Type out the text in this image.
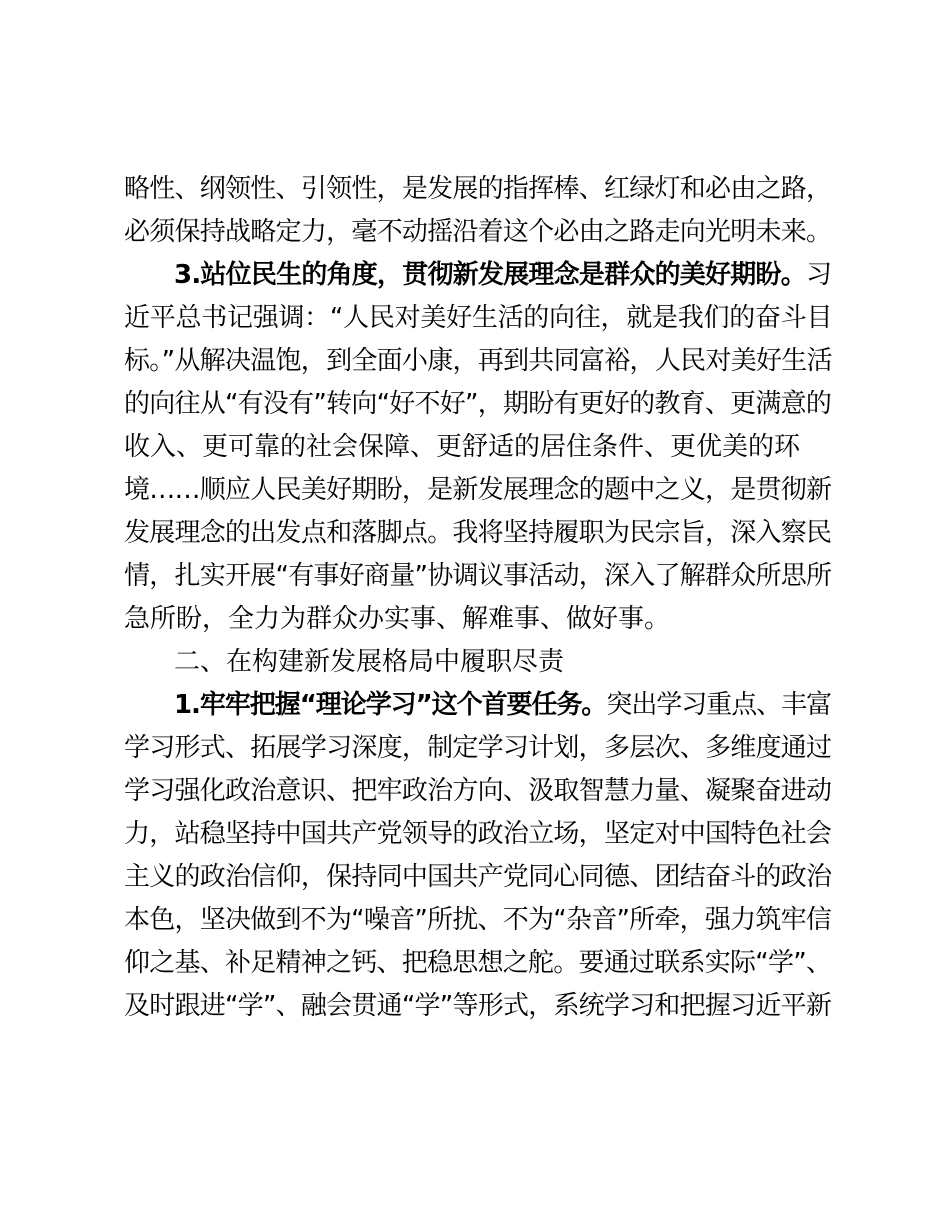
略性、纲领性、引领性，是发展的指挥棒、红绿灯和必由之路，
必须保持战略定力，毫不动摇沿着这个必由之路走向光明未来。
3.站位民生的角度，贯彻新发展理念是群众的美好期盼。习
近平总书记强调：“人民对美好生活的向往，就是我们的奋斗目
标。”从解决温饱，到全面小康，再到共同富裕，人民对美好生活
的向往从“有没有”转向“好不好”，期盼有更好的教育、更满意的
收入、更可靠的社会保障、更舒适的居住条件、更优美的环
境……顺应人民美好期盼，是新发展理念的题中之义，是贯彻新
发展理念的出发点和落脚点。我将坚持履职为民宗旨，深入察民
情，扎实开展“有事好商量”协调议事活动，深入了解群众所思所
急所盼，全力为群众办实事、解难事、做好事。
二、在构建新发展格局中履职尽责
1.牢牢把握“理论学习”这个首要任务。突出学习重点、丰富
学习形式、拓展学习深度，制定学习计划，多层次、多维度通过
学习强化政治意识、把牢政治方向、汲取智慧力量、凝聚奋进动
力，站稳坚持中国共产党领导的政治立场，坚定对中国特色社会
主义的政治信仰，保持同中国共产党同心同德、团结奋斗的政治
本色，坚决做到不为“噪音”所扰、不为“杂音”所牵，强力筑牢信
仰之基、补足精神之钙、把稳思想之舵。要通过联系实际“学”、
及时跟进“学”、融会贯通“学”等形式，系统学习和把握习近平新
